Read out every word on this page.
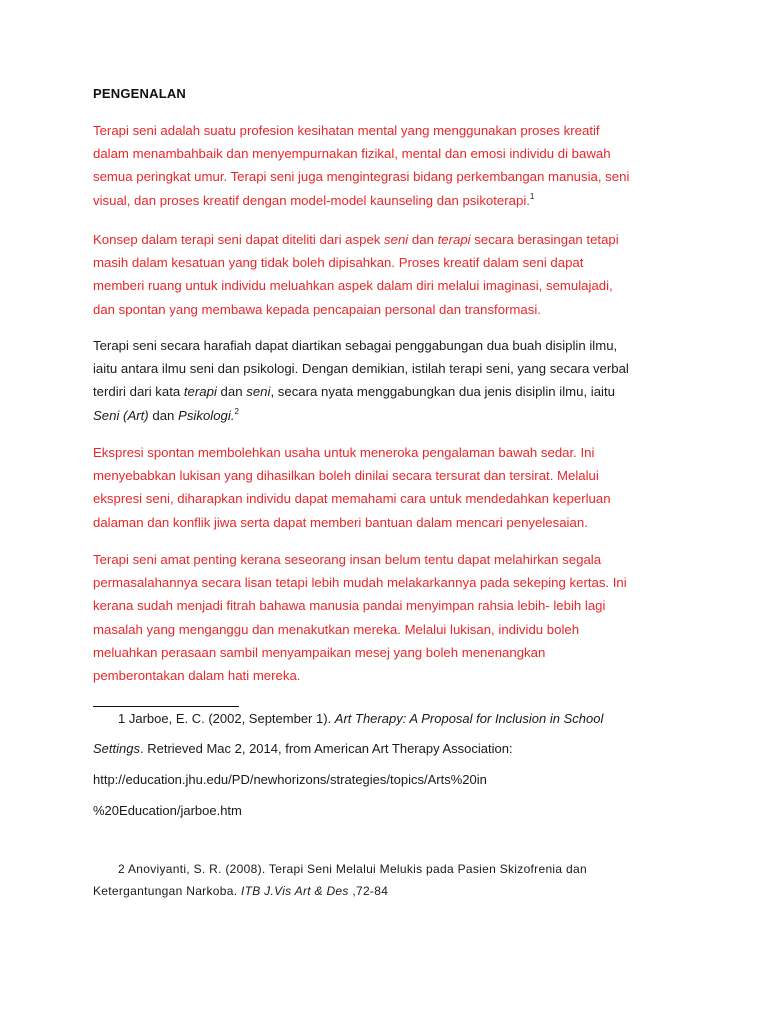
PENGENALAN

Terapi seni adalah suatu profesion kesihatan mental yang menggunakan proses kreatif
dalam menambahbaik dan menyempurnakan fizikal, mental dan emosi individu di bawah
semua peringkat umur. Terapi seni juga mengintegrasi bidang perkembangan manusia, seni
visual, dan proses kreatif dengan model-model kaunseling dan psikoterapi.$^1$

Konsep dalam terapi seni dapat diteliti dari aspek seni dan terapi secara berasingan tetapi
masih dalam kesatuan yang tidak boleh dipisahkan. Proses kreatif dalam seni dapat
memberi ruang untuk individu meluahkan aspek dalam diri melalui imaginasi, semulajadi,
dan spontan yang membawa kepada pencapaian personal dan transformasi.

Terapi seni secara harafiah dapat diartikan sebagai penggabungan dua buah disiplin ilmu,
iaitu antara ilmu seni dan psikologi. Dengan demikian, istilah terapi seni, yang secara verbal
terdiri dari kata terapi dan seni, secara nyata menggabungkan dua jenis disiplin ilmu, iaitu
Seni (Art) dan Psikologi.$^2$

Ekspresi spontan membolehkan usaha untuk meneroka pengalaman bawah sedar. Ini
menyebabkan lukisan yang dihasilkan boleh dinilai secara tersurat dan tersirat. Melalui
ekspresi seni, diharapkan individu dapat memahami cara untuk mendedahkan keperluan
dalaman dan konflik jiwa serta dapat memberi bantuan dalam mencari penyelesaian.

Terapi seni amat penting kerana seseorang insan belum tentu dapat melahirkan segala
permasalahannya secara lisan tetapi lebih mudah melakarkannya pada sekeping kertas. Ini
kerana sudah menjadi fitrah bahawa manusia pandai menyimpan rahsia lebih- lebih lagi
masalah yang menganggu dan menakutkan mereka. Melalui lukisan, individu boleh
meluahkan perasaan sambil menyampaikan mesej yang boleh menenangkan
pemberontakan dalam hati mereka.

1 Jarboe, E. C. (2002, September 1). Art Therapy: A Proposal for Inclusion in School
Settings. Retrieved Mac 2, 2014, from American Art Therapy Association:
http://education.jhu.edu/PD/newhorizons/strategies/topics/Arts%20in
%20Education/jarboe.htm
2 Anoviyanti, S. R. (2008). Terapi Seni Melalui Melukis pada Pasien Skizofrenia dan
Ketergantungan Narkoba. ITB J.Vis Art & Des ,72-84
